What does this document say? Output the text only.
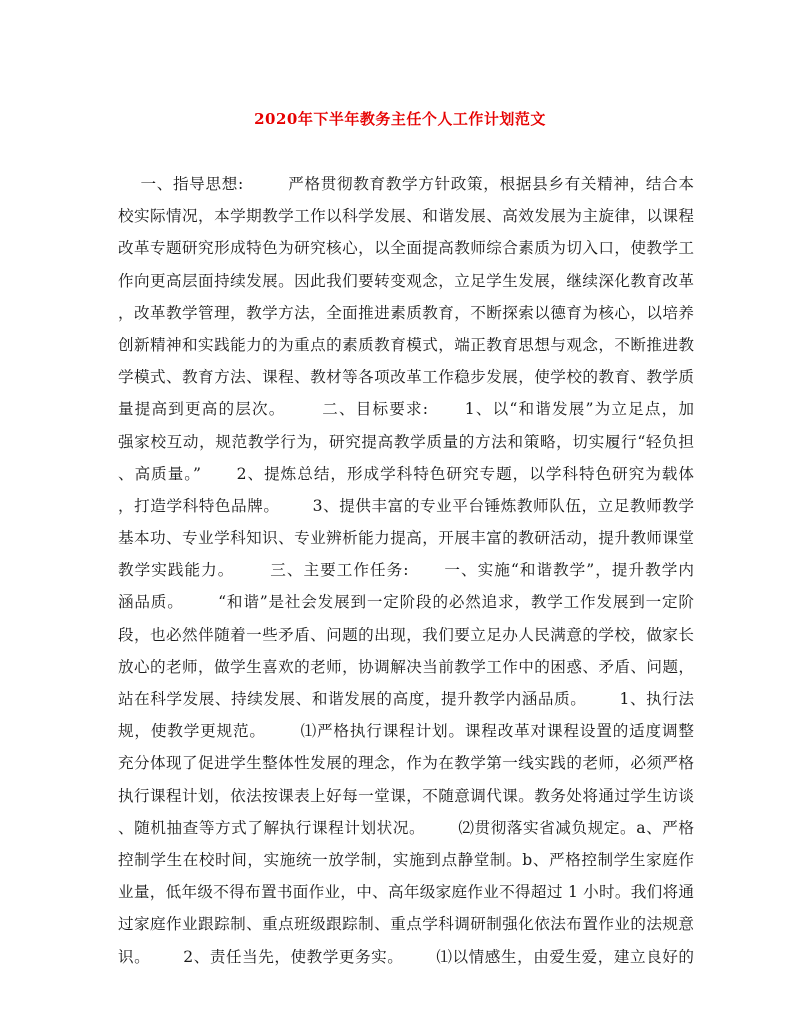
2020年下半年教务主任个人工作计划范文
一、指导思想:        严格贯彻教育教学方针政策，根据县乡有关精神，结合本
校实际情况，本学期教学工作以科学发展、和谐发展、高效发展为主旋律，以课程
改革专题研究形成特色为研究核心，以全面提高教师综合素质为切入口，使教学工
作向更高层面持续发展。因此我们要转变观念，立足学生发展，继续深化教育改革
，改革教学管理，教学方法，全面推进素质教育，不断探索以德育为核心，以培养
创新精神和实践能力的为重点的素质教育模式，端正教育思想与观念，不断推进教
学模式、教育方法、课程、教材等各项改革工作稳步发展，使学校的教育、教学质
量提高到更高的层次。      二、目标要求:      1、以“和谐发展”为立足点，加
强家校互动，规范教学行为，研究提高教学质量的方法和策略，切实履行“轻负担
、高质量。”      2、提炼总结，形成学科特色研究专题，以学科特色研究为载体
，打造学科特色品牌。      3、提供丰富的专业平台锤炼教师队伍，立足教师教学
基本功、专业学科知识、专业辨析能力提高，开展丰富的教研活动，提升教师课堂
教学实践能力。      三、主要工作任务:      一、实施“和谐教学”，提升教学内
涵品质。      “和谐”是社会发展到一定阶段的必然追求，教学工作发展到一定阶
段，也必然伴随着一些矛盾、问题的出现，我们要立足办人民满意的学校，做家长
放心的老师，做学生喜欢的老师，协调解决当前教学工作中的困惑、矛盾、问题，
站在科学发展、持续发展、和谐发展的高度，提升教学内涵品质。      1、执行法
规，使教学更规范。      ⑴严格执行课程计划。课程改革对课程设置的适度调整
充分体现了促进学生整体性发展的理念，作为在教学第一线实践的老师，必须严格
执行课程计划，依法按课表上好每一堂课，不随意调代课。教务处将通过学生访谈
、随机抽查等方式了解执行课程计划状况。      ⑵贯彻落实省减负规定。a、严格
控制学生在校时间，实施统一放学制，实施到点静堂制。b、严格控制学生家庭作
业量，低年级不得布置书面作业，中、高年级家庭作业不得超过 1 小时。我们将通
过家庭作业跟踪制、重点班级跟踪制、重点学科调研制强化依法布置作业的法规意
识。      2、责任当先，使教学更务实。      ⑴以情感生，由爱生爱，建立良好的
